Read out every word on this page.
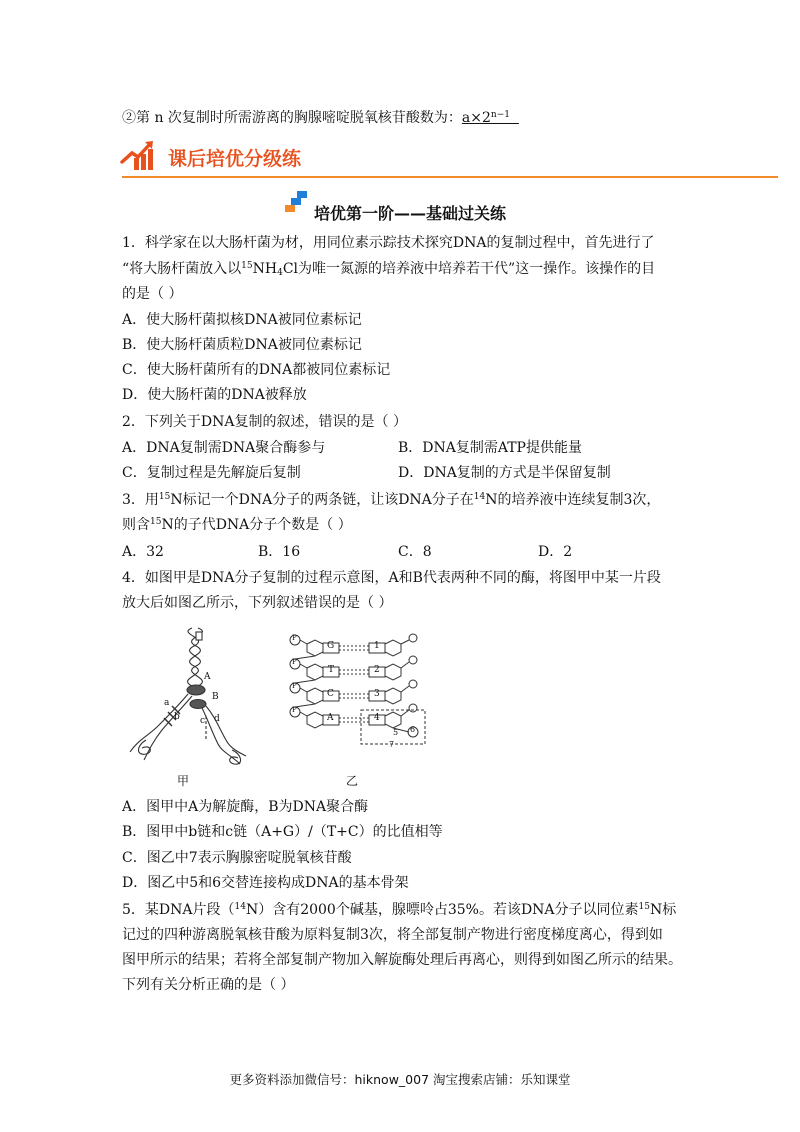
②第 n 次复制时所需游离的胸腺嘧啶脱氧核苷酸数为：$a\times 2^{n-1}$
课后培优分级练
培优第一阶——基础过关练
1．科学家在以大肠杆菌为材，用同位素示踪技术探究DNA的复制过程中，首先进行了
“将大肠杆菌放入以$^{15}NH_4Cl$为唯一氮源的培养液中培养若干代”这一操作。该操作的目
的是（ ）
A．使大肠杆菌拟核DNA被同位素标记
B．使大肠杆菌质粒DNA被同位素标记
C．使大肠杆菌所有的DNA都被同位素标记
D．使大肠杆菌的DNA被释放
2．下列关于DNA复制的叙述，错误的是（ ）
A．DNA复制需DNA聚合酶参与	B．DNA复制需ATP提供能量
C．复制过程是先解旋后复制	D．DNA复制的方式是半保留复制
3．用$^{15}$N标记一个DNA分子的两条链，让该DNA分子在$^{14}$N的培养液中连续复制3次，
则含$^{15}$N的子代DNA分子个数是（ ）
A．32	B．16	C．8	D．2
4．如图甲是DNA分子复制的过程示意图，A和B代表两种不同的酶，将图甲中某一片段
放大后如图乙所示，下列叙述错误的是（ ）
A
B
a
b c d
甲
P
P
P
P
G
T
C
A
1
2
3
4
5 6
7
乙
A．图甲中A为解旋酶，B为DNA聚合酶
B．图甲中b链和c链（A+G）/（T+C）的比值相等
C．图乙中7表示胸腺密啶脱氧核苷酸
D．图乙中5和6交替连接构成DNA的基本骨架
5．某DNA片段（$^{14}$N）含有2000个碱基，腺嘌呤占35%。若该DNA分子以同位素$^{15}$N标
记过的四种游离脱氧核苷酸为原料复制3次，将全部复制产物进行密度梯度离心，得到如
图甲所示的结果；若将全部复制产物加入解旋酶处理后再离心，则得到如图乙所示的结果。
下列有关分析正确的是（ ）
更多资料添加微信号：hiknow_007 淘宝搜索店铺：乐知课堂
